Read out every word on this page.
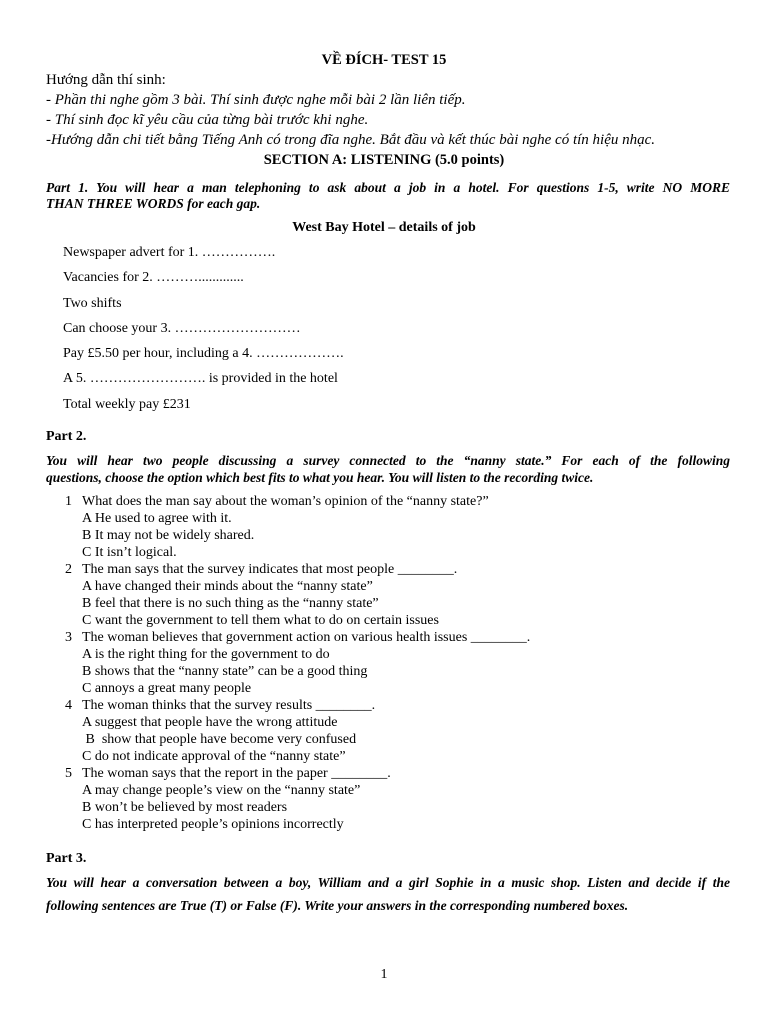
VỀ ĐÍCH- TEST 15
Hướng dẫn thí sinh:
- Phần thi nghe gồm 3 bài. Thí sinh được nghe mỗi bài 2 lần liên tiếp.
- Thí sinh đọc kĩ yêu cầu của từng bài trước khi nghe.
-Hướng dẫn chi tiết bằng Tiếng Anh có trong đĩa nghe. Bắt đầu và kết thúc bài nghe có tín hiệu nhạc.
SECTION A: LISTENING (5.0 points)
Part 1. You will hear a man telephoning to ask about a job in a hotel. For questions 1-5, write NO MORE
THAN THREE WORDS for each gap.
West Bay Hotel – details of job
Newspaper advert for 1. …………….
Vacancies for 2. ……….............
Two shifts
Can choose your 3. ………………………
Pay £5.50 per hour, including a 4. ……………….
A 5. ……………………. is provided in the hotel
Total weekly pay £231
Part 2.
You will hear two people discussing a survey connected to the “nanny state.” For each of the following
questions, choose the option which best fits to what you hear. You will listen to the recording twice.
1 What does the man say about the woman’s opinion of the “nanny state?”
A He used to agree with it.
B It may not be widely shared.
C It isn’t logical.
2 The man says that the survey indicates that most people ________.
A have changed their minds about the “nanny state”
B feel that there is no such thing as the “nanny state”
C want the government to tell them what to do on certain issues
3 The woman believes that government action on various health issues ________.
A is the right thing for the government to do
B shows that the “nanny state” can be a good thing
C annoys a great many people
4 The woman thinks that the survey results ________.
A suggest that people have the wrong attitude
B  show that people have become very confused
C do not indicate approval of the “nanny state”
5 The woman says that the report in the paper ________.
A may change people’s view on the “nanny state”
B won’t be believed by most readers
C has interpreted people’s opinions incorrectly
Part 3.
You will hear a conversation between a boy, William and a girl Sophie in a music shop. Listen and decide if the
following sentences are True (T) or False (F). Write your answers in the corresponding numbered boxes.
1
